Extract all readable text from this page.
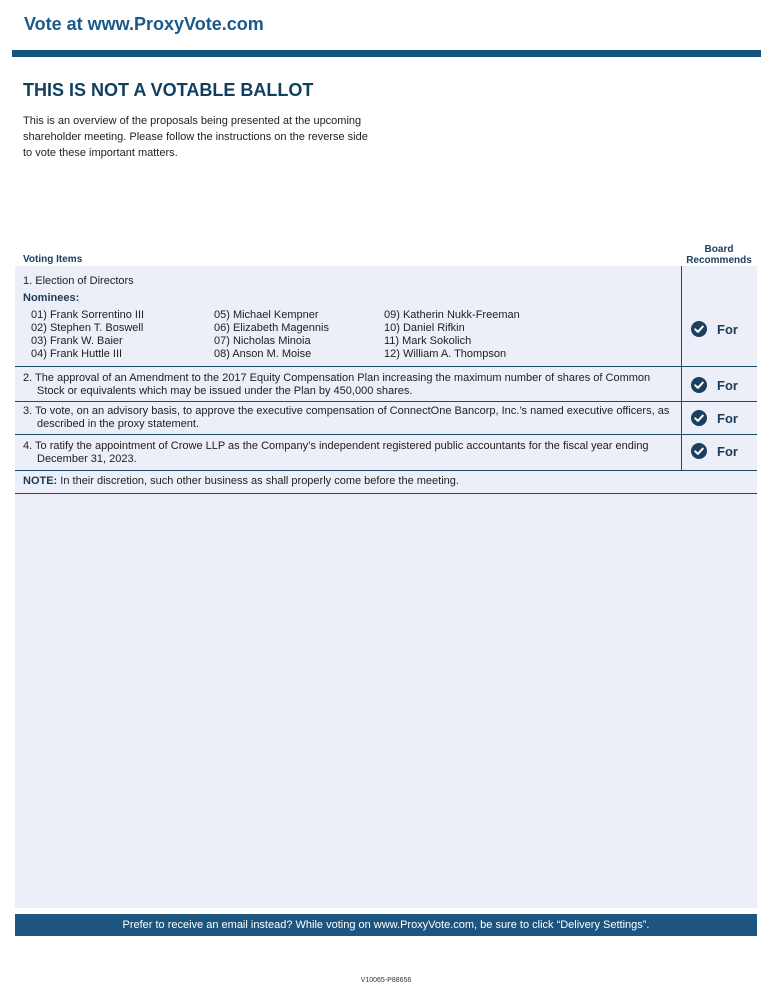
Vote at www.ProxyVote.com
THIS IS NOT A VOTABLE BALLOT
This is an overview of the proposals being presented at the upcoming shareholder meeting. Please follow the instructions on the reverse side to vote these important matters.
Voting Items
Board
Recommends
1. Election of Directors
For
Nominees:
01) Frank Sorrentino III
02) Stephen T. Boswell
03) Frank W. Baier
04) Frank Huttle III
05) Michael Kempner
06) Elizabeth Magennis
07) Nicholas Minoia
08) Anson M. Moise
09) Katherin Nukk-Freeman
10) Daniel Rifkin
11) Mark Sokolich
12) William A. Thompson
2. The approval of an Amendment to the 2017 Equity Compensation Plan increasing the maximum number of shares of Common Stock or equivalents which may be issued under the Plan by 450,000 shares.	For
3. To vote, on an advisory basis, to approve the executive compensation of ConnectOne Bancorp, Inc.’s named executive officers, as described in the proxy statement.	For
4. To ratify the appointment of Crowe LLP as the Company’s independent registered public accountants for the fiscal year ending December 31, 2023.
For
NOTE: In their discretion, such other business as shall properly come before the meeting.
Prefer to receive an email instead? While voting on www.ProxyVote.com, be sure to click “Delivery Settings”.
V10065-P88656
